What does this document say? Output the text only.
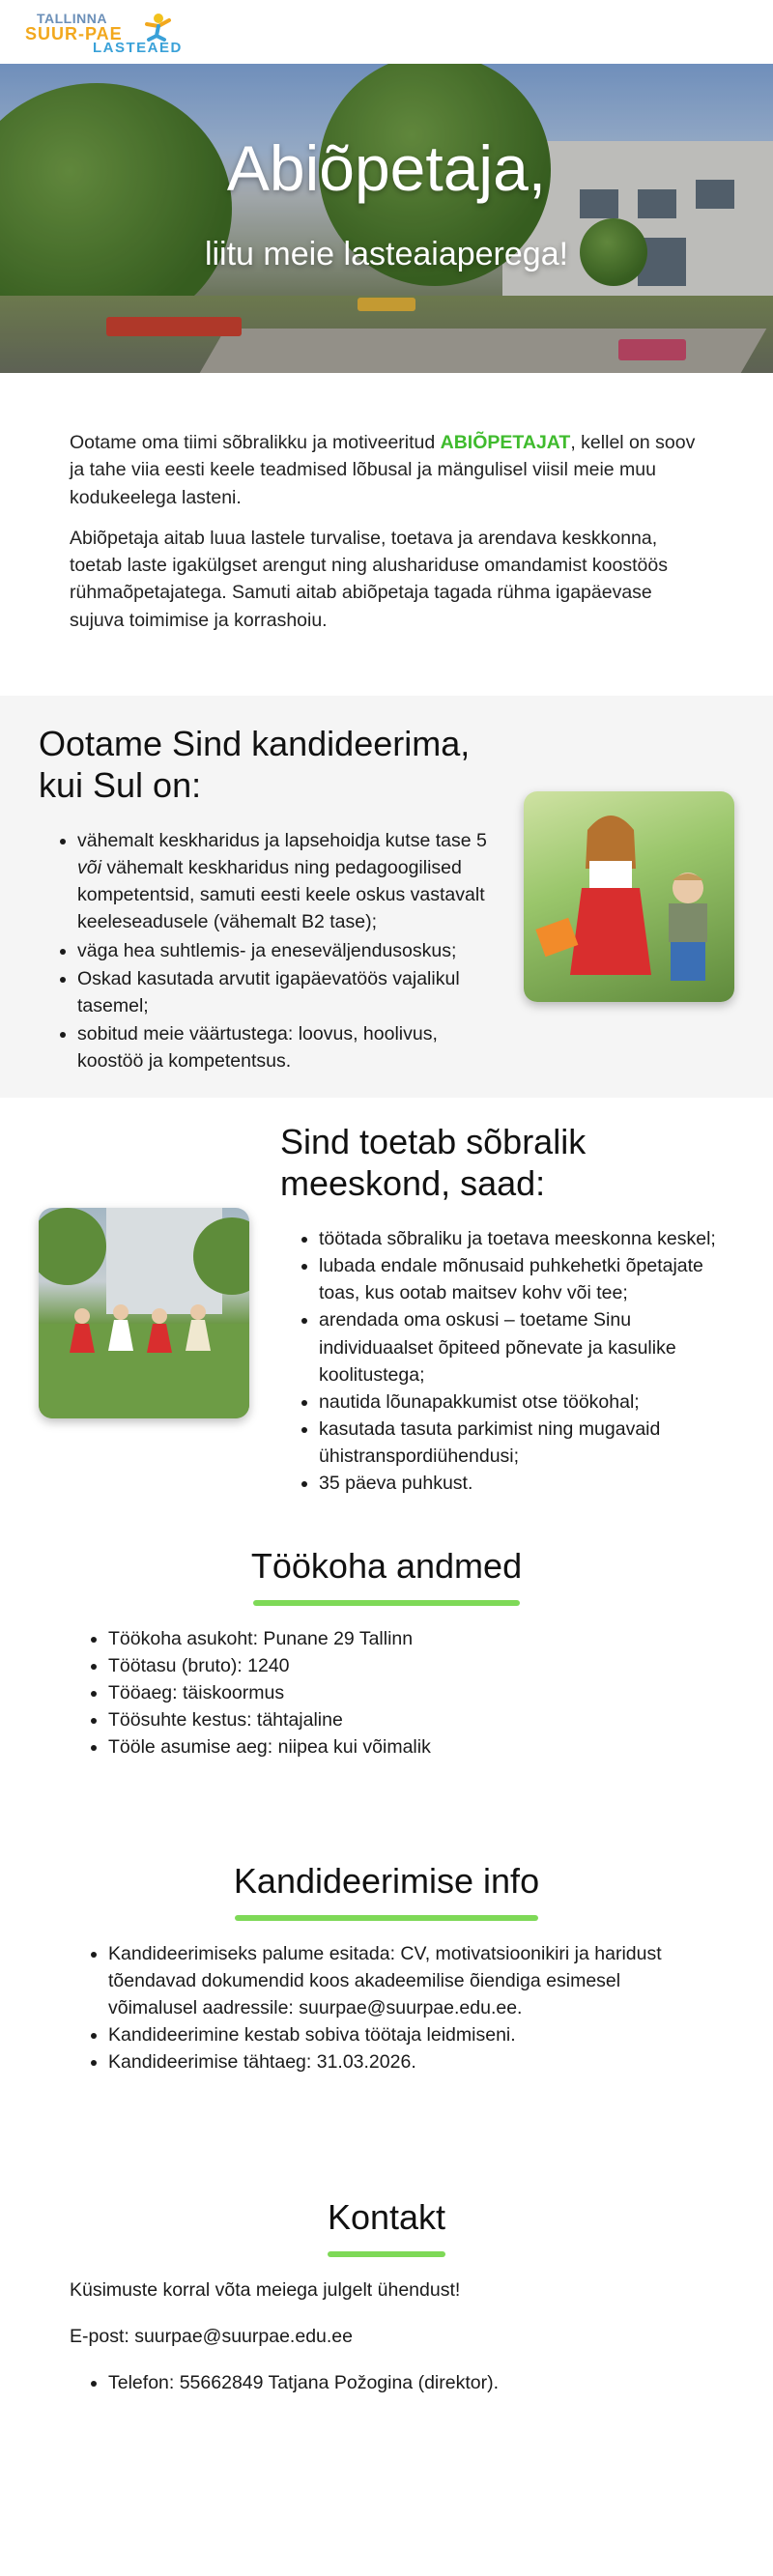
TALLINNA
SUUR-PAE
LASTEAED
Abiõpetaja,
liitu meie lasteaiaperega!

Ootame oma tiimi sõbralikku ja motiveeritud ABIÕPETAJAT, kellel on soov ja tahe viia eesti keele teadmised lõbusal ja mängulisel viisil meie muu kodukeelega lasteni.

Abiõpetaja aitab luua lastele turvalise, toetava ja arendava keskkonna, toetab laste igakülgset arengut ning alushariduse omandamist koostöös rühmaõpetajatega. Samuti aitab abiõpetaja tagada rühma igapäevase sujuva toimimise ja korrashoiu.

Ootame Sind kandideerima, kui Sul on:
• vähemalt keskharidus ja lapsehoidja kutse tase 5 või vähemalt keskharidus ning pedagoogilised kompetentsid, samuti eesti keele oskus vastavalt keeleseadusele (vähemalt B2 tase);
• väga hea suhtlemis- ja eneseväljendusoskus;
• Oskad kasutada arvutit igapäevatöös vajalikul tasemel;
• sobitud meie väärtustega: loovus, hoolivus, koostöö ja kompetentsus.
Sind toetab sõbralik meeskond, saad:
• töötada sõbraliku ja toetava meeskonna keskel;
• lubada endale mõnusaid puhkehetki õpetajate toas, kus ootab maitsev kohv või tee;
• arendada oma oskusi – toetame Sinu individuaalset õpiteed põnevate ja kasulike koolitustega;
• nautida lõunapakkumist otse töökohal;
• kasutada tasuta parkimist ning mugavaid ühistranspordiühendusi;
• 35 päeva puhkust.
Töökoha andmed
• Töökoha asukoht: Punane 29 Tallinn
• Töötasu (bruto): 1240
• Tööaeg: täiskoormus
• Töösuhte kestus: tähtajaline
• Tööle asumise aeg: niipea kui võimalik
Kandideerimise info
• Kandideerimiseks palume esitada: CV, motivatsioonikiri ja haridust tõendavad dokumendid koos akadeemilise õiendiga esimesel võimalusel aadressile: suurpae@suurpae.edu.ee.
• Kandideerimine kestab sobiva töötaja leidmiseni.
• Kandideerimise tähtaeg: 31.03.2026.
Kontakt

Küsimuste korral võta meiega julgelt ühendust!

E-post: suurpae@suurpae.edu.ee

• Telefon: 55662849 Tatjana Požogina (direktor).
